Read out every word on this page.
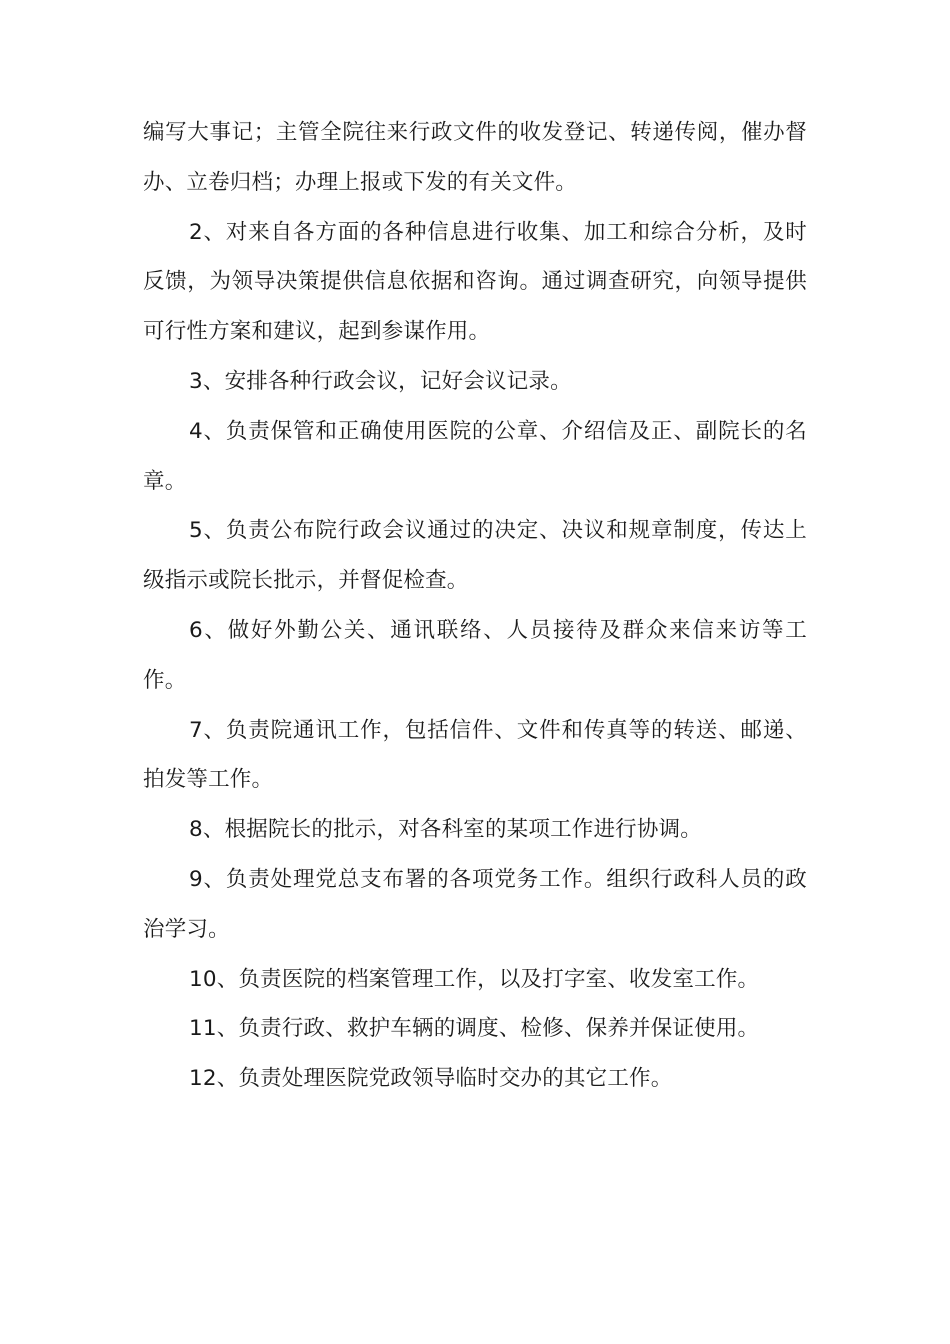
编写大事记；主管全院往来行政文件的收发登记、转递传阅，催办督办、立卷归档；办理上报或下发的有关文件。

2、对来自各方面的各种信息进行收集、加工和综合分析，及时反馈，为领导决策提供信息依据和咨询。通过调查研究，向领导提供可行性方案和建议，起到参谋作用。

3、安排各种行政会议，记好会议记录。

4、负责保管和正确使用医院的公章、介绍信及正、副院长的名章。

5、负责公布院行政会议通过的决定、决议和规章制度，传达上级指示或院长批示，并督促检查。

6、做好外勤公关、通讯联络、人员接待及群众来信来访等工作。

7、负责院通讯工作，包括信件、文件和传真等的转送、邮递、拍发等工作。

8、根据院长的批示，对各科室的某项工作进行协调。

9、负责处理党总支布署的各项党务工作。组织行政科人员的政治学习。

10、负责医院的档案管理工作，以及打字室、收发室工作。

11、负责行政、救护车辆的调度、检修、保养并保证使用。

12、负责处理医院党政领导临时交办的其它工作。
